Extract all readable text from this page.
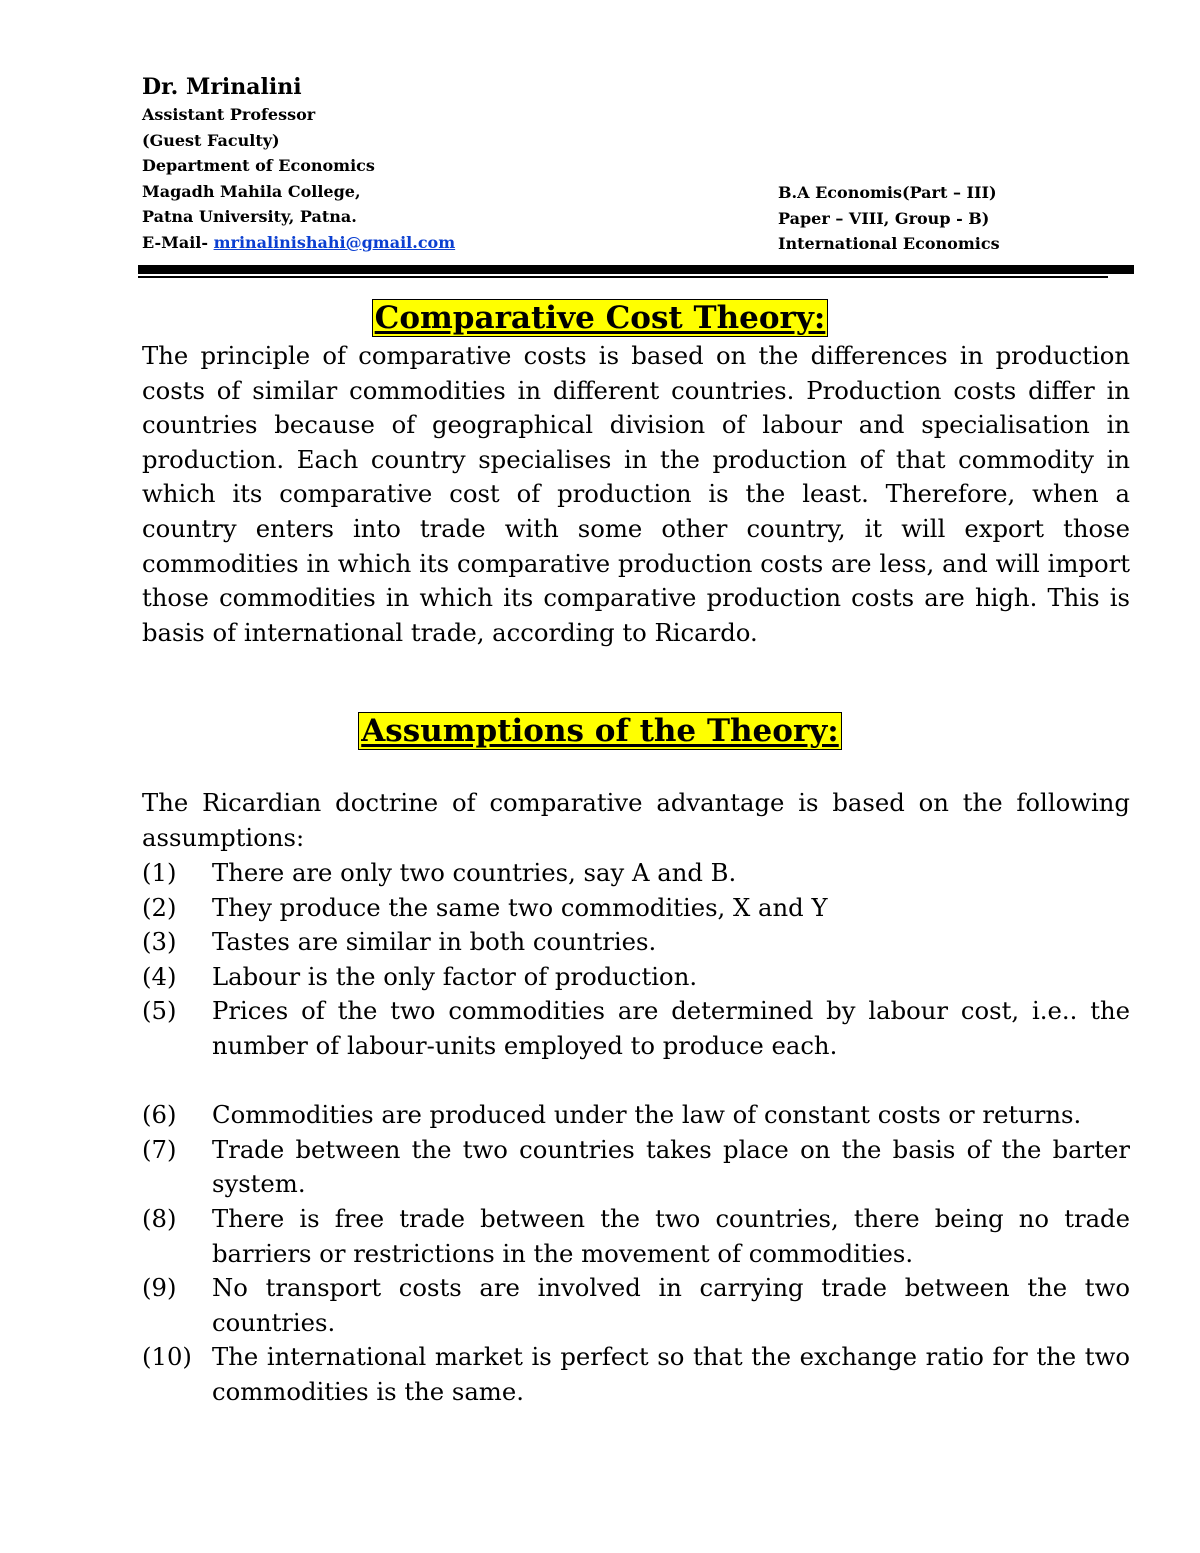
Dr. Mrinalini

Assistant Professor

(Guest Faculty)

Department of Economics

Magadh Mahila College,

Patna University, Patna.

E-Mail- mrinalinishahi@gmail.com

B.A Economis(Part – III)

Paper – VIII, Group - B)

International Economics

Comparative Cost Theory:
The principle of comparative costs is based on the differences in production costs of similar commodities in different countries. Production costs differ in countries because of geographical division of labour and specialisation in production. Each country specialises in the production of that commodity in which its comparative cost of production is the least. Therefore, when a country enters into trade with some other country, it will export those commodities in which its comparative production costs are less, and will import those commodities in which its comparative production costs are high. This is basis of international trade, according to Ricardo.
Assumptions of the Theory:
The Ricardian doctrine of comparative advantage is based on the following assumptions:
(1) There are only two countries, say A and B.
(2) They produce the same two commodities, X and Y
(3) Tastes are similar in both countries.
(4) Labour is the only factor of production.
(5) Prices of the two commodities are determined by labour cost, i.e.. the number of labour-units employed to produce each.
(6) Commodities are produced under the law of constant costs or returns.
(7) Trade between the two countries takes place on the basis of the barter system.
(8) There is free trade between the two countries, there being no trade barriers or restrictions in the movement of commodities.
(9) No transport costs are involved in carrying trade between the two countries.
(10) The international market is perfect so that the exchange ratio for the two commodities is the same.
